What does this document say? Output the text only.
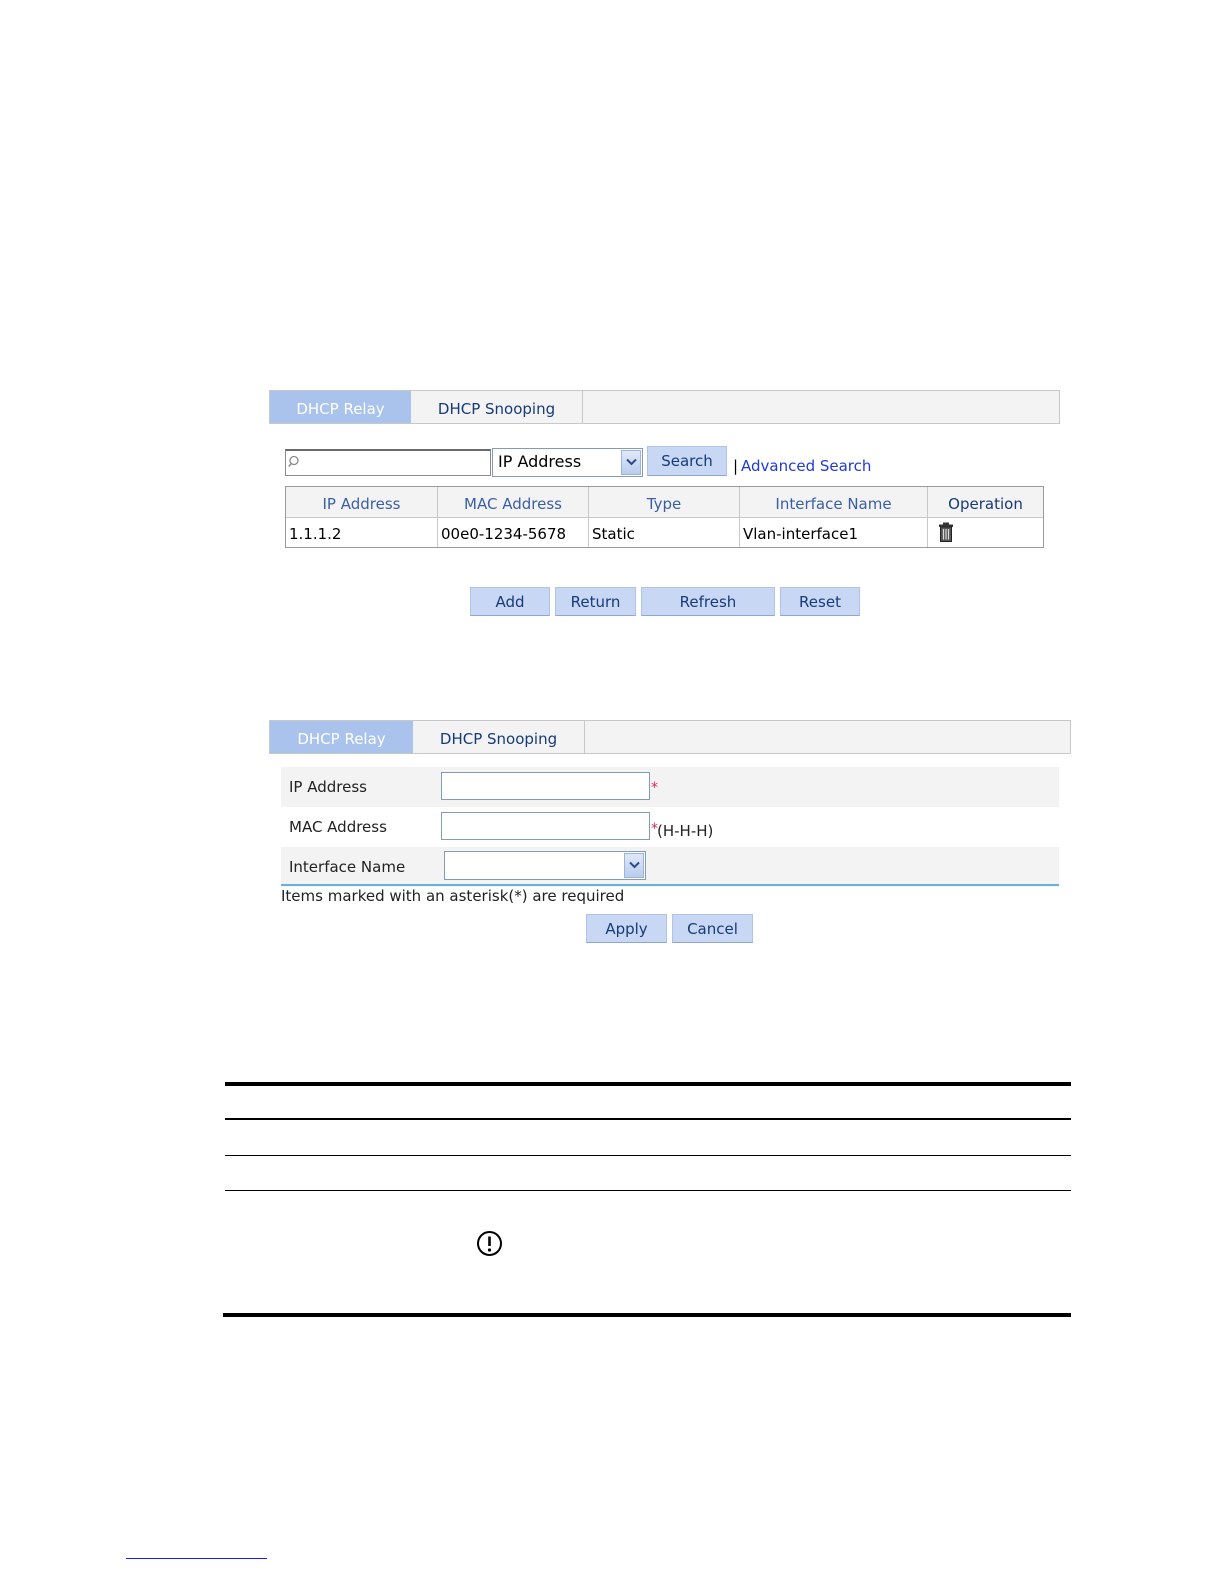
DHCP Relay	DHCP Snooping
IP Address	Search	| Advanced Search
IP Address	MAC Address	Type	Interface Name	Operation
1.1.1.2	00e0-1234-5678	Static	Vlan-interface1
Add	Return	Refresh	Reset
DHCP Relay	DHCP Snooping
IP Address	*
MAC Address	* (H-H-H)
Interface Name
Items marked with an asterisk(*) are required
Apply	Cancel
